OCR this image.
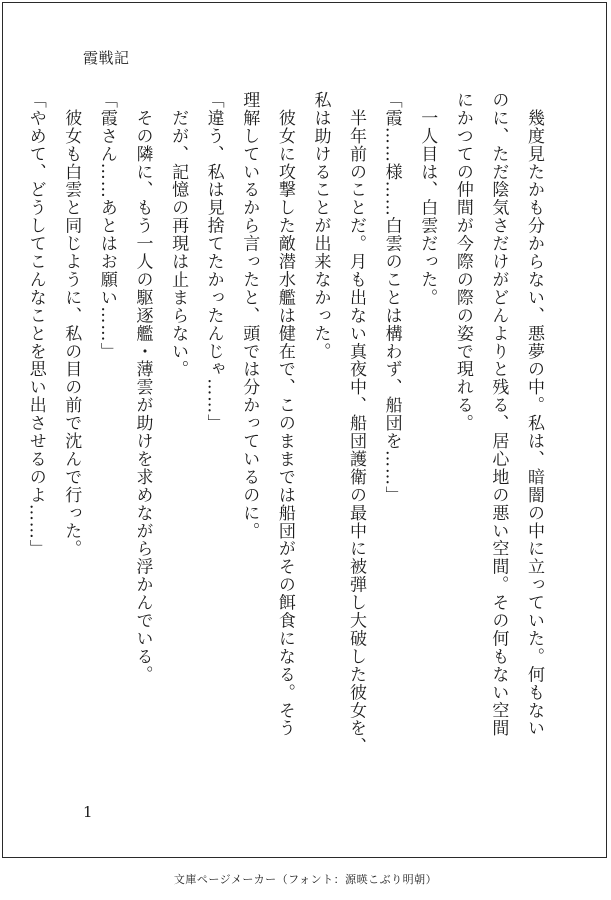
霞戦記
　幾度見たかも分からない、悪夢の中。私は、暗闇の中に立っていた。何もない
のに、ただ陰気さだけがどんよりと残る、居心地の悪い空間。その何もない空間
にかつての仲間が今際の際の姿で現れる。
　一人目は、白雲だった。
「霞……様……白雲のことは構わず、船団を……」
　半年前のことだ。月も出ない真夜中、船団護衛の最中に被弾し大破した彼女を、
私は助けることが出来なかった。
　彼女に攻撃した敵潜水艦は健在で、このままでは船団がその餌食になる。そう
理解しているから言ったと、頭では分かっているのに。
「違う、私は見捨てたかったんじゃ……」
　だが、記憶の再現は止まらない。
　その隣に、もう一人の駆逐艦・薄雲が助けを求めながら浮かんでいる。
「霞さん……あとはお願い……」
　彼女も白雲と同じように、私の目の前で沈んで行った。
「やめて、どうしてこんなことを思い出させるのよ……」
1
文庫ページメーカー（フォント：源暎こぶり明朝）
